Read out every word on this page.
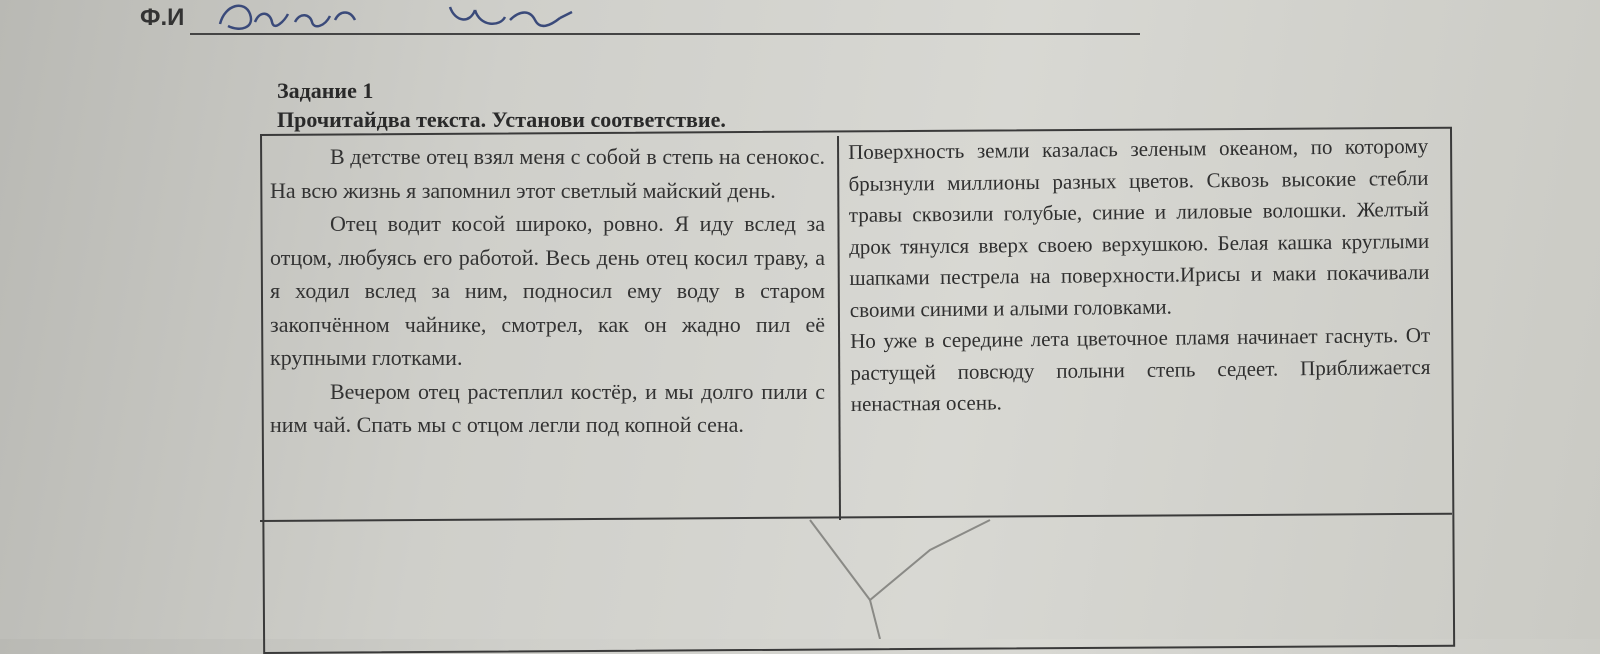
Ф.И
Задание 1
Прочитайдва текста. Установи соответствие.

В детстве отец взял меня с собой в степь на сенокос. На всю жизнь я запомнил этот светлый майский день.

Отец водит косой широко, ровно. Я иду вслед за отцом, любуясь его работой. Весь день отец косил траву, а я ходил вслед за ним, подносил ему воду в старом закопчённом чайнике, смотрел, как он жадно пил её крупными глотками.

Вечером отец растеплил костёр, и мы долго пили с ним чай. Спать мы с отцом легли под копной сена.

Поверхность земли казалась зеленым океаном, по которому брызнули миллионы разных цветов. Сквозь высокие стебли травы сквозили голубые, синие и лиловые волошки. Желтый дрок тянулся вверх своею верхушкою. Белая кашка круглыми шапками пестрела на поверхности.Ирисы и маки покачивали своими синими и алыми головками.

Но уже в середине лета цветочное пламя начинает гаснуть. От растущей повсюду полыни степь седеет. Приближается ненастная осень.
